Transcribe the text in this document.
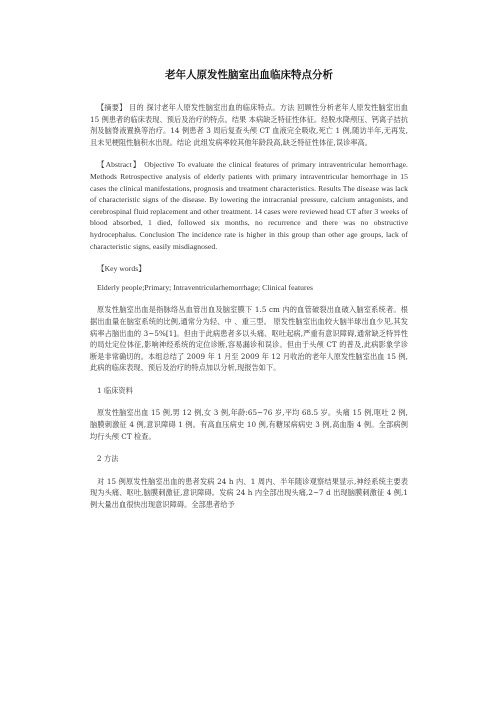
老年人原发性脑室出血临床特点分析

【摘要】 目的 探讨老年人原发性脑室出血的临床特点。方法 回顾性分析老年人原发性脑室出血 15 例患者的临床表现、预后及治疗的特点。结果 本病缺乏特征性体征。经脱水降颅压、钙离子拮抗剂及脑脊液置换等治疗。14 例患者 3 周后复查头颅 CT 血液完全吸收,死亡 1 例,随访半年,无再发,且未见梗阻性脑积水出现。结论 此组发病率较其他年龄段高,缺乏特征性体征,误诊率高。

【Abstract】 Objective To evaluate the clinical features of primary intraventricular hemorrhage. Methods Retrospective analysis of elderly patients with primary intraventricular hemorrhage in 15 cases the clinical manifestations, prognosis and treatment characteristics. Results The disease was lack of characteristic signs of the disease. By lowering the intracranial pressure, calcium antagonists, and cerebrospinal fluid replacement and other treatment. 14 cases were reviewed head CT after 3 weeks of blood absorbed, 1 died, followed six months, no recurrence and there was no obstructive hydrocephalus. Conclusion The incidence rate is higher in this group than other age groups, lack of characteristic signs, easily misdiagnosed.

【Key words】

Elderly people;Primary; Intraventricularhemorrhage; Clinical features

原发性脑室出血是指脉络丛血管出血及脑室膜下 1.5 cm 内的血管破裂出血破入脑室系统者。根据出血量在脑室系统的比例,通常分为轻、中 、重三型。 原发性脑室出血较大脑半球出血少见,其发病率占脑出血的 3~5%[1]。但由于此病患者多以头痛、呕吐起病,严重有意识障碍,通常缺乏特异性的局灶定位体征,影响神经系统的定位诊断,容易漏诊和误诊。但由于头颅 CT 的普及,此病影象学诊断是非常确切的。本组总结了 2009 年 1 月至 2009 年 12 月收治的老年人原发性脑室出血 15 例,此病的临床表现、预后及治疗的特点加以分析,现报告如下。

1 临床资料

原发性脑室出血 15 例,男 12 例,女 3 例,年龄:65~76 岁,平均 68.5 岁。头痛 15 例,呕吐 2 例,脑膜刺激征 4 例,意识障碍 1 例。有高血压病史 10 例,有糖尿病病史 3 例,高血脂 4 例。全部病例均行头颅 CT 检查。

2 方法

对 15 例原发性脑室出血的患者发病 24 h 内、1 周内、半年随诊观察结果显示,神经系统主要表现为头痛、呕吐,脑膜刺激征,意识障碍。发病 24 h 内全部出现头痛,2~7 d 出现脑膜刺激征 4 例,1 例大量出血很快出现意识障碍。全部患者给予
